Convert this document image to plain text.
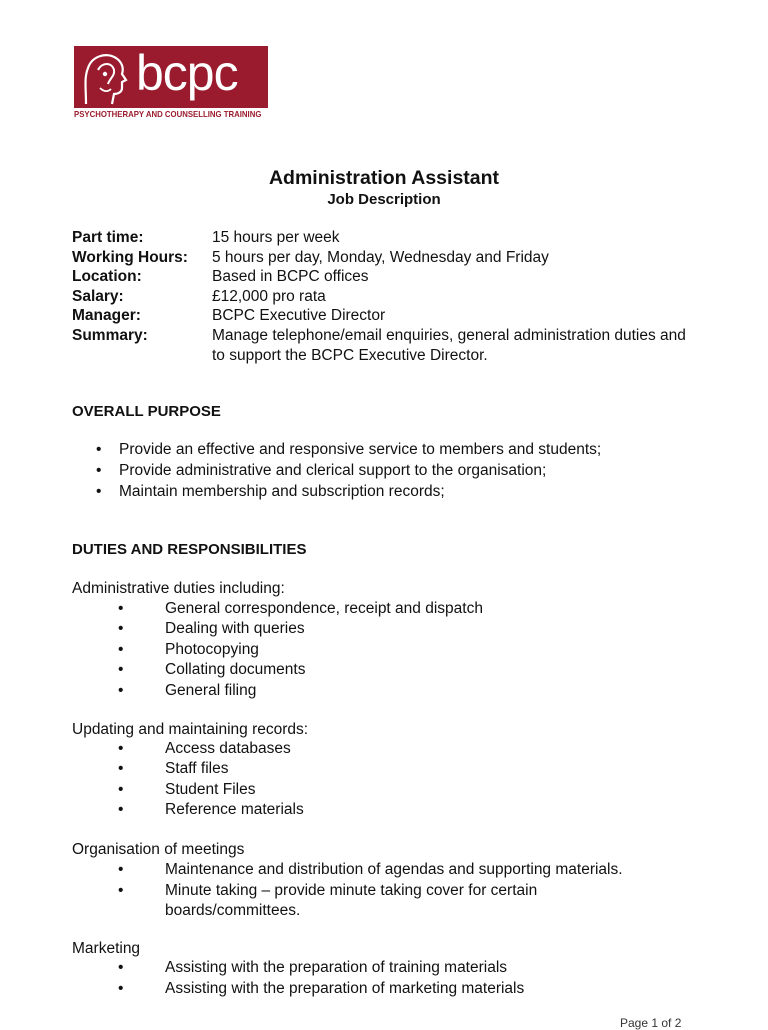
bcpc
PSYCHOTHERAPY AND COUNSELLING TRAINING
Administration Assistant
Job Description
Part time:	15 hours per week
Working Hours: 5 hours per day, Monday, Wednesday and Friday
Location:	Based in BCPC offices
Salary:	£12,000 pro rata
Manager:	BCPC Executive Director
Summary:	Manage telephone/email enquiries, general administration duties and to support the BCPC Executive Director.
OVERALL PURPOSE
• Provide an effective and responsive service to members and students;
• Provide administrative and clerical support to the organisation;
• Maintain membership and subscription records;
DUTIES AND RESPONSIBILITIES
Administrative duties including:
•	General correspondence, receipt and dispatch
•	Dealing with queries
•	Photocopying
•	Collating documents
•	General filing
Updating and maintaining records:
•	Access databases
•	Staff files
•	Student Files
•	Reference materials
Organisation of meetings
•	Maintenance and distribution of agendas and supporting materials.
•	Minute taking – provide minute taking cover for certain
boards/committees.
Marketing
•	Assisting with the preparation of training materials
•	Assisting with the preparation of marketing materials
Page 1 of 2
